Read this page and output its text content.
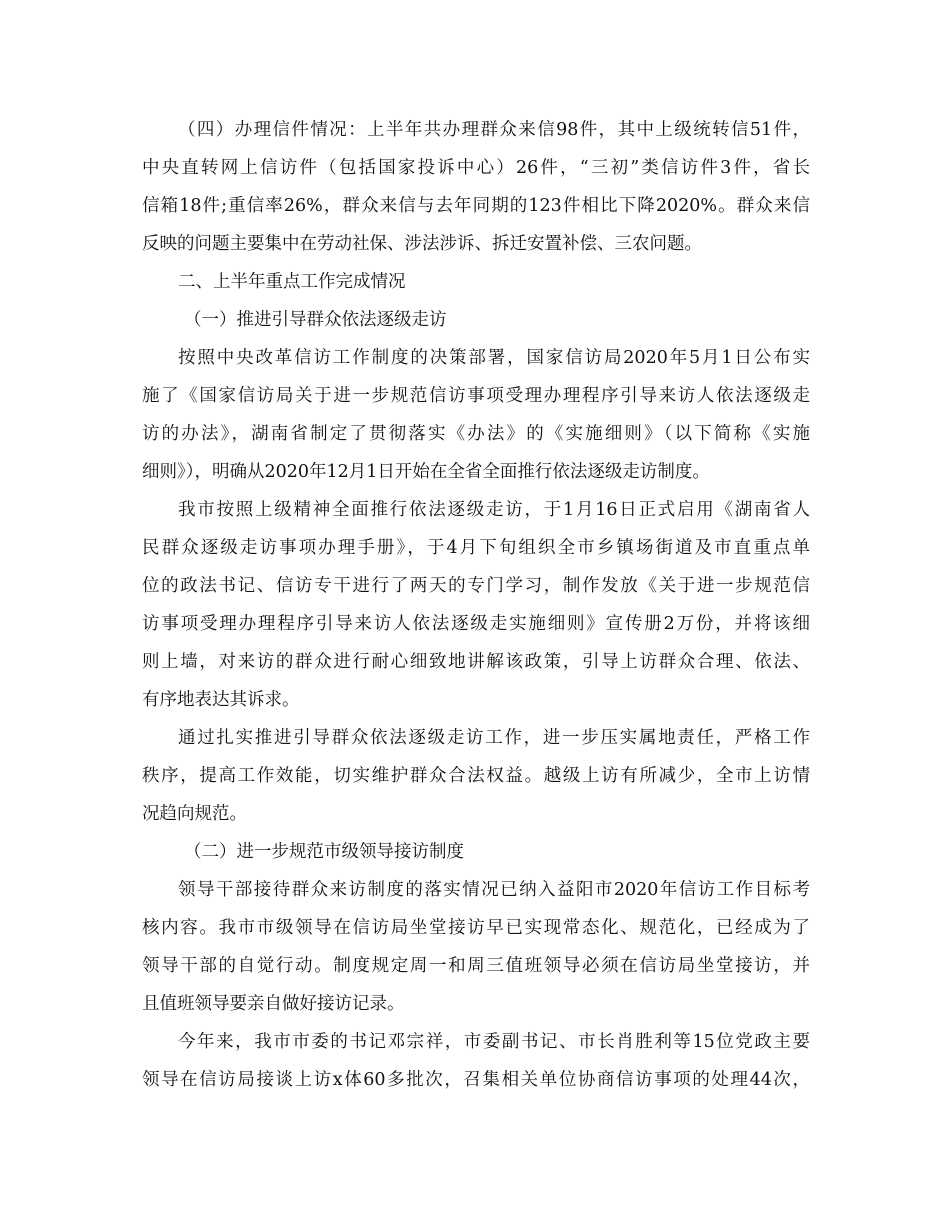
（四）办理信件情况：上半年共办理群众来信98件，其中上级统转信51件，
中央直转网上信访件（包括国家投诉中心）26件，“三初”类信访件3件，省长
信箱18件;重信率26%，群众来信与去年同期的123件相比下降2020%。群众来信
反映的问题主要集中在劳动社保、涉法涉诉、拆迁安置补偿、三农问题。
二、上半年重点工作完成情况
（一）推进引导群众依法逐级走访
按照中央改革信访工作制度的决策部署，国家信访局2020年5月1日公布实
施了《国家信访局关于进一步规范信访事项受理办理程序引导来访人依法逐级走
访的办法》，湖南省制定了贯彻落实《办法》的《实施细则》（以下简称《实施
细则》），明确从2020年12月1日开始在全省全面推行依法逐级走访制度。
我市按照上级精神全面推行依法逐级走访，于1月16日正式启用《湖南省人
民群众逐级走访事项办理手册》，于4月下旬组织全市乡镇场街道及市直重点单
位的政法书记、信访专干进行了两天的专门学习，制作发放《关于进一步规范信
访事项受理办理程序引导来访人依法逐级走实施细则》宣传册2万份，并将该细
则上墙，对来访的群众进行耐心细致地讲解该政策，引导上访群众合理、依法、
有序地表达其诉求。
通过扎实推进引导群众依法逐级走访工作，进一步压实属地责任，严格工作
秩序，提高工作效能，切实维护群众合法权益。越级上访有所减少，全市上访情
况趋向规范。
（二）进一步规范市级领导接访制度
领导干部接待群众来访制度的落实情况已纳入益阳市2020年信访工作目标考
核内容。我市市级领导在信访局坐堂接访早已实现常态化、规范化，已经成为了
领导干部的自觉行动。制度规定周一和周三值班领导必须在信访局坐堂接访，并
且值班领导要亲自做好接访记录。
今年来，我市市委的书记邓宗祥，市委副书记、市长肖胜利等15位党政主要
领导在信访局接谈上访x体60多批次，召集相关单位协商信访事项的处理44次，
